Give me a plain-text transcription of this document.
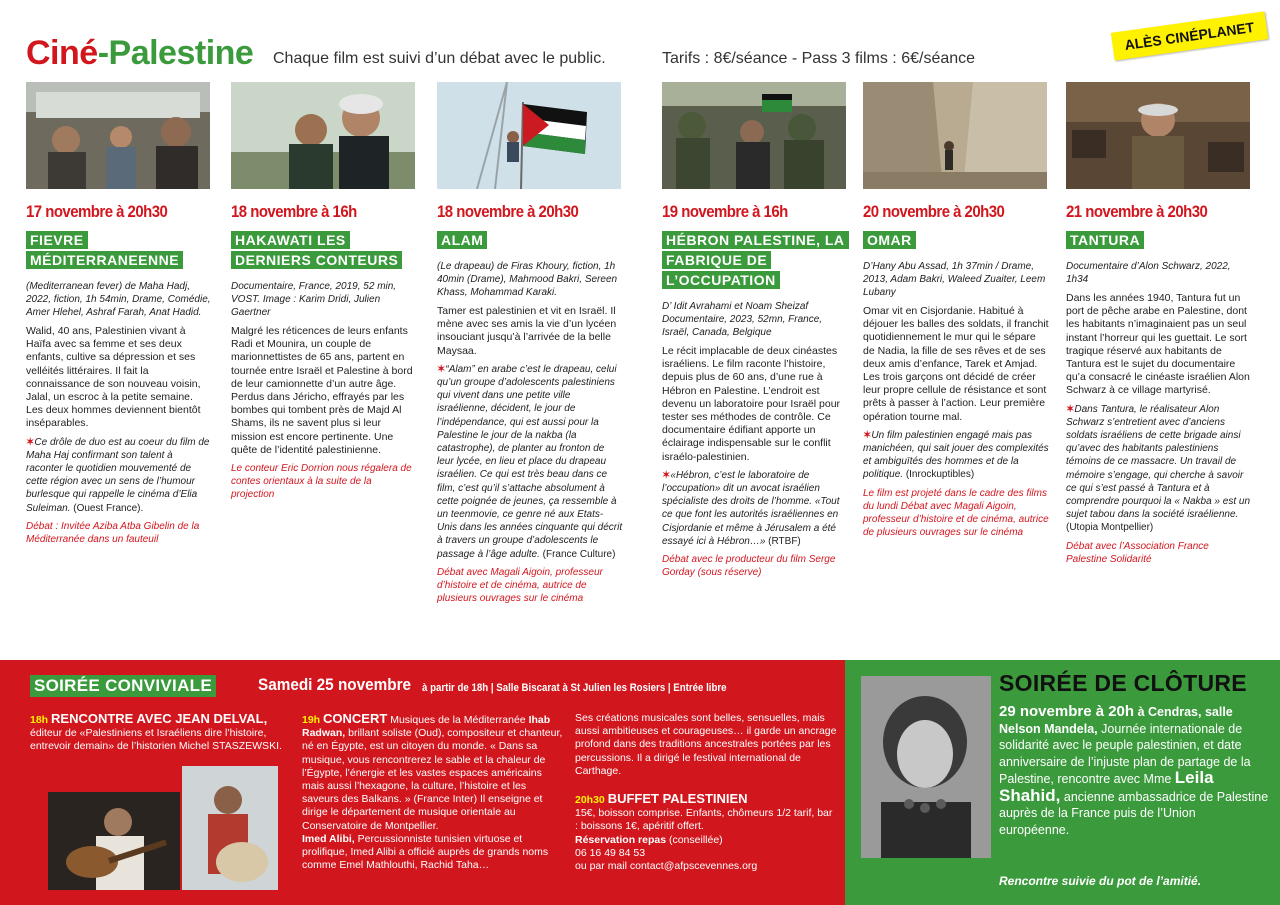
Ciné-Palestine Chaque film est suivi d’un débat avec le public.	Tarifs : 8€/séance - Pass 3 films : 6€/séance
ALÈS CINÉPLANET
17 novembre à 20h30
FIEVRE MÉDITERRANEENNE
(Mediterranean fever) de Maha Hadj, 2022, fiction, 1h 54min, Drame, Comédie, Amer Hlehel, Ashraf Farah, Anat Hadid.
Walid, 40 ans, Palestinien vivant à Haïfa avec sa femme et ses deux enfants, cultive sa dépression et ses velléités littéraires. Il fait la connaissance de son nouveau voisin, Jalal, un escroc à la petite semaine. Les deux hommes deviennent bientôt inséparables.
✶Ce drôle de duo est au coeur du film de Maha Haj confirmant son talent à raconter le quotidien mouvementé de cette région avec un sens de l’humour burlesque qui rappelle le cinéma d’Elia Suleiman. (Ouest France).
Débat : Invitée Aziba Atba Gibelin de la Méditerranée dans un fauteuil
18 novembre à 16h
HAKAWATI LES DERNIERS CONTEURS
Documentaire, France, 2019, 52 min, VOST. Image : Karim Dridi, Julien Gaertner
Malgré les réticences de leurs enfants Radi et Mounira, un couple de marionnettistes de 65 ans, partent en tournée entre Israël et Palestine à bord de leur camionnette d’un autre âge. Perdus dans Jéricho, effrayés par les bombes qui tombent près de Majd Al Shams, ils ne savent plus si leur mission est encore pertinente. Une quête de l’identité palestinienne.
Le conteur Eric Dorrion nous régalera de contes orientaux à la suite de la projection
18 novembre à 20h30
ALAM
(Le drapeau) de Firas Khoury, fiction, 1h 40min (Drame), Mahmood Bakri, Sereen Khass, Mohammad Karaki.
Tamer est palestinien et vit en Israël. Il mène avec ses amis la vie d’un lycéen insouciant jusqu’à l’arrivée de la belle Maysaa.
✶“Alam” en arabe c’est le drapeau, celui qu’un groupe d’adolescents palestiniens qui vivent dans une petite ville israélienne, décident, le jour de l’indépendance, qui est aussi pour la Palestine le jour de la nakba (la catastrophe), de planter au fronton de leur lycée, en lieu et place du drapeau israélien. Ce qui est très beau dans ce film, c’est qu’il s’attache absolument à cette poignée de jeunes, ça ressemble à un teenmovie, ce genre né aux Etats-Unis dans les années cinquante qui décrit à travers un groupe d’adolescents le passage à l’âge adulte. (France Culture)
Débat avec Magali Aigoin, professeur d’histoire et de cinéma, autrice de plusieurs ouvrages sur le cinéma
19 novembre à 16h
HÉBRON PALESTINE, LA FABRIQUE DE L’OCCUPATION
D’ Idit Avrahami et Noam Sheizaf Documentaire, 2023, 52mn, France, Israël, Canada, Belgique
Le récit implacable de deux cinéastes israéliens. Le film raconte l’histoire, depuis plus de 60 ans, d’une rue à Hébron en Palestine. L’endroit est devenu un laboratoire pour Israël pour tester ses méthodes de contrôle. Ce documentaire édifiant apporte un éclairage indispensable sur le conflit israélo-palestinien.
✶«Hébron, c’est le laboratoire de l’occupation» dit un avocat israélien spécialiste des droits de l’homme. «Tout ce que font les autorités israéliennes en Cisjordanie et même à Jérusalem a été essayé ici à Hébron…» (RTBF)
Débat avec le producteur du film Serge Gorday (sous réserve)
20 novembre à 20h30
OMAR
D’Hany Abu Assad, 1h 37min / Drame, 2013, Adam Bakri, Waleed Zuaiter, Leem Lubany
Omar vit en Cisjordanie. Habitué à déjouer les balles des soldats, il franchit quotidiennement le mur qui le sépare de Nadia, la fille de ses rêves et de ses deux amis d’enfance, Tarek et Amjad. Les trois garçons ont décidé de créer leur propre cellule de résistance et sont prêts à passer à l’action. Leur première opération tourne mal.
✶Un film palestinien engagé mais pas manichéen, qui sait jouer des complexités et ambiguïtés des hommes et de la politique. (Inrockuptibles)
Le film est projeté dans le cadre des films du lundi Débat avec Magali Aigoin, professeur d’histoire et de cinéma, autrice de plusieurs ouvrages sur le cinéma
21 novembre à 20h30
TANTURA
Documentaire d’Alon Schwarz, 2022, 1h34
Dans les années 1940, Tantura fut un port de pêche arabe en Palestine, dont les habitants n’imaginaient pas un seul instant l’horreur qui les guettait. Le sort tragique réservé aux habitants de Tantura est le sujet du documentaire qu’a consacré le cinéaste israélien Alon Schwarz à ce village martyrisé.
✶Dans Tantura, le réalisateur Alon Schwarz s’entretient avec d’anciens soldats israéliens de cette brigade ainsi qu’avec des habitants palestiniens témoins de ce massacre. Un travail de mémoire s’engage, qui cherche à savoir ce qui s’est passé à Tantura et à comprendre pourquoi la « Nakba » est un sujet tabou dans la société israélienne. (Utopia Montpellier)
Débat avec l’Association France Palestine Solidarité
SOIRÉE CONVIVIALE	Samedi 25 novembre à partir de 18h | Salle Biscarat à St Julien les Rosiers | Entrée libre
18h RENCONTRE AVEC JEAN DELVAL, éditeur de «Palestiniens et Israéliens dire l’histoire, entrevoir demain» de l’historien Michel STASZEWSKI.
19h CONCERT Musiques de la Méditerranée Ihab Radwan, brillant soliste (Oud), compositeur et chanteur, né en Égypte, est un citoyen du monde. « Dans sa musique, vous rencontrerez le sable et la chaleur de l’Égypte, l’énergie et les vastes espaces américains mais aussi l’hexagone, la culture, l’histoire et les saveurs des Balkans. » (France Inter) Il enseigne et dirige le département de musique orientale au Conservatoire de Montpellier.
Imed Alibi, Percussionniste tunisien virtuose et prolifique, Imed Alibi a officié auprès de grands noms comme Emel Mathlouthi, Rachid Taha…
Ses créations musicales sont belles, sensuelles, mais aussi ambitieuses et courageuses… il garde un ancrage profond dans des traditions ancestrales portées par les percussions. Il a dirigé le festival international de Carthage.
20h30 BUFFET PALESTINIEN
15€, boisson comprise. Enfants, chômeurs 1/2 tarif, bar : boissons 1€, apéritif offert.
Réservation repas (conseillée)
06 16 49 84 53
ou par mail contact@afpscevennes.org
SOIRÉE DE CLÔTURE
29 novembre à 20h à Cendras, salle Nelson Mandela, Journée internationale de solidarité avec le peuple palestinien, et date anniversaire de l’injuste plan de partage de la Palestine, rencontre avec Mme Leila Shahid, ancienne ambassadrice de Palestine auprès de la France puis de l’Union européenne.
Rencontre suivie du pot de l’amitié.
